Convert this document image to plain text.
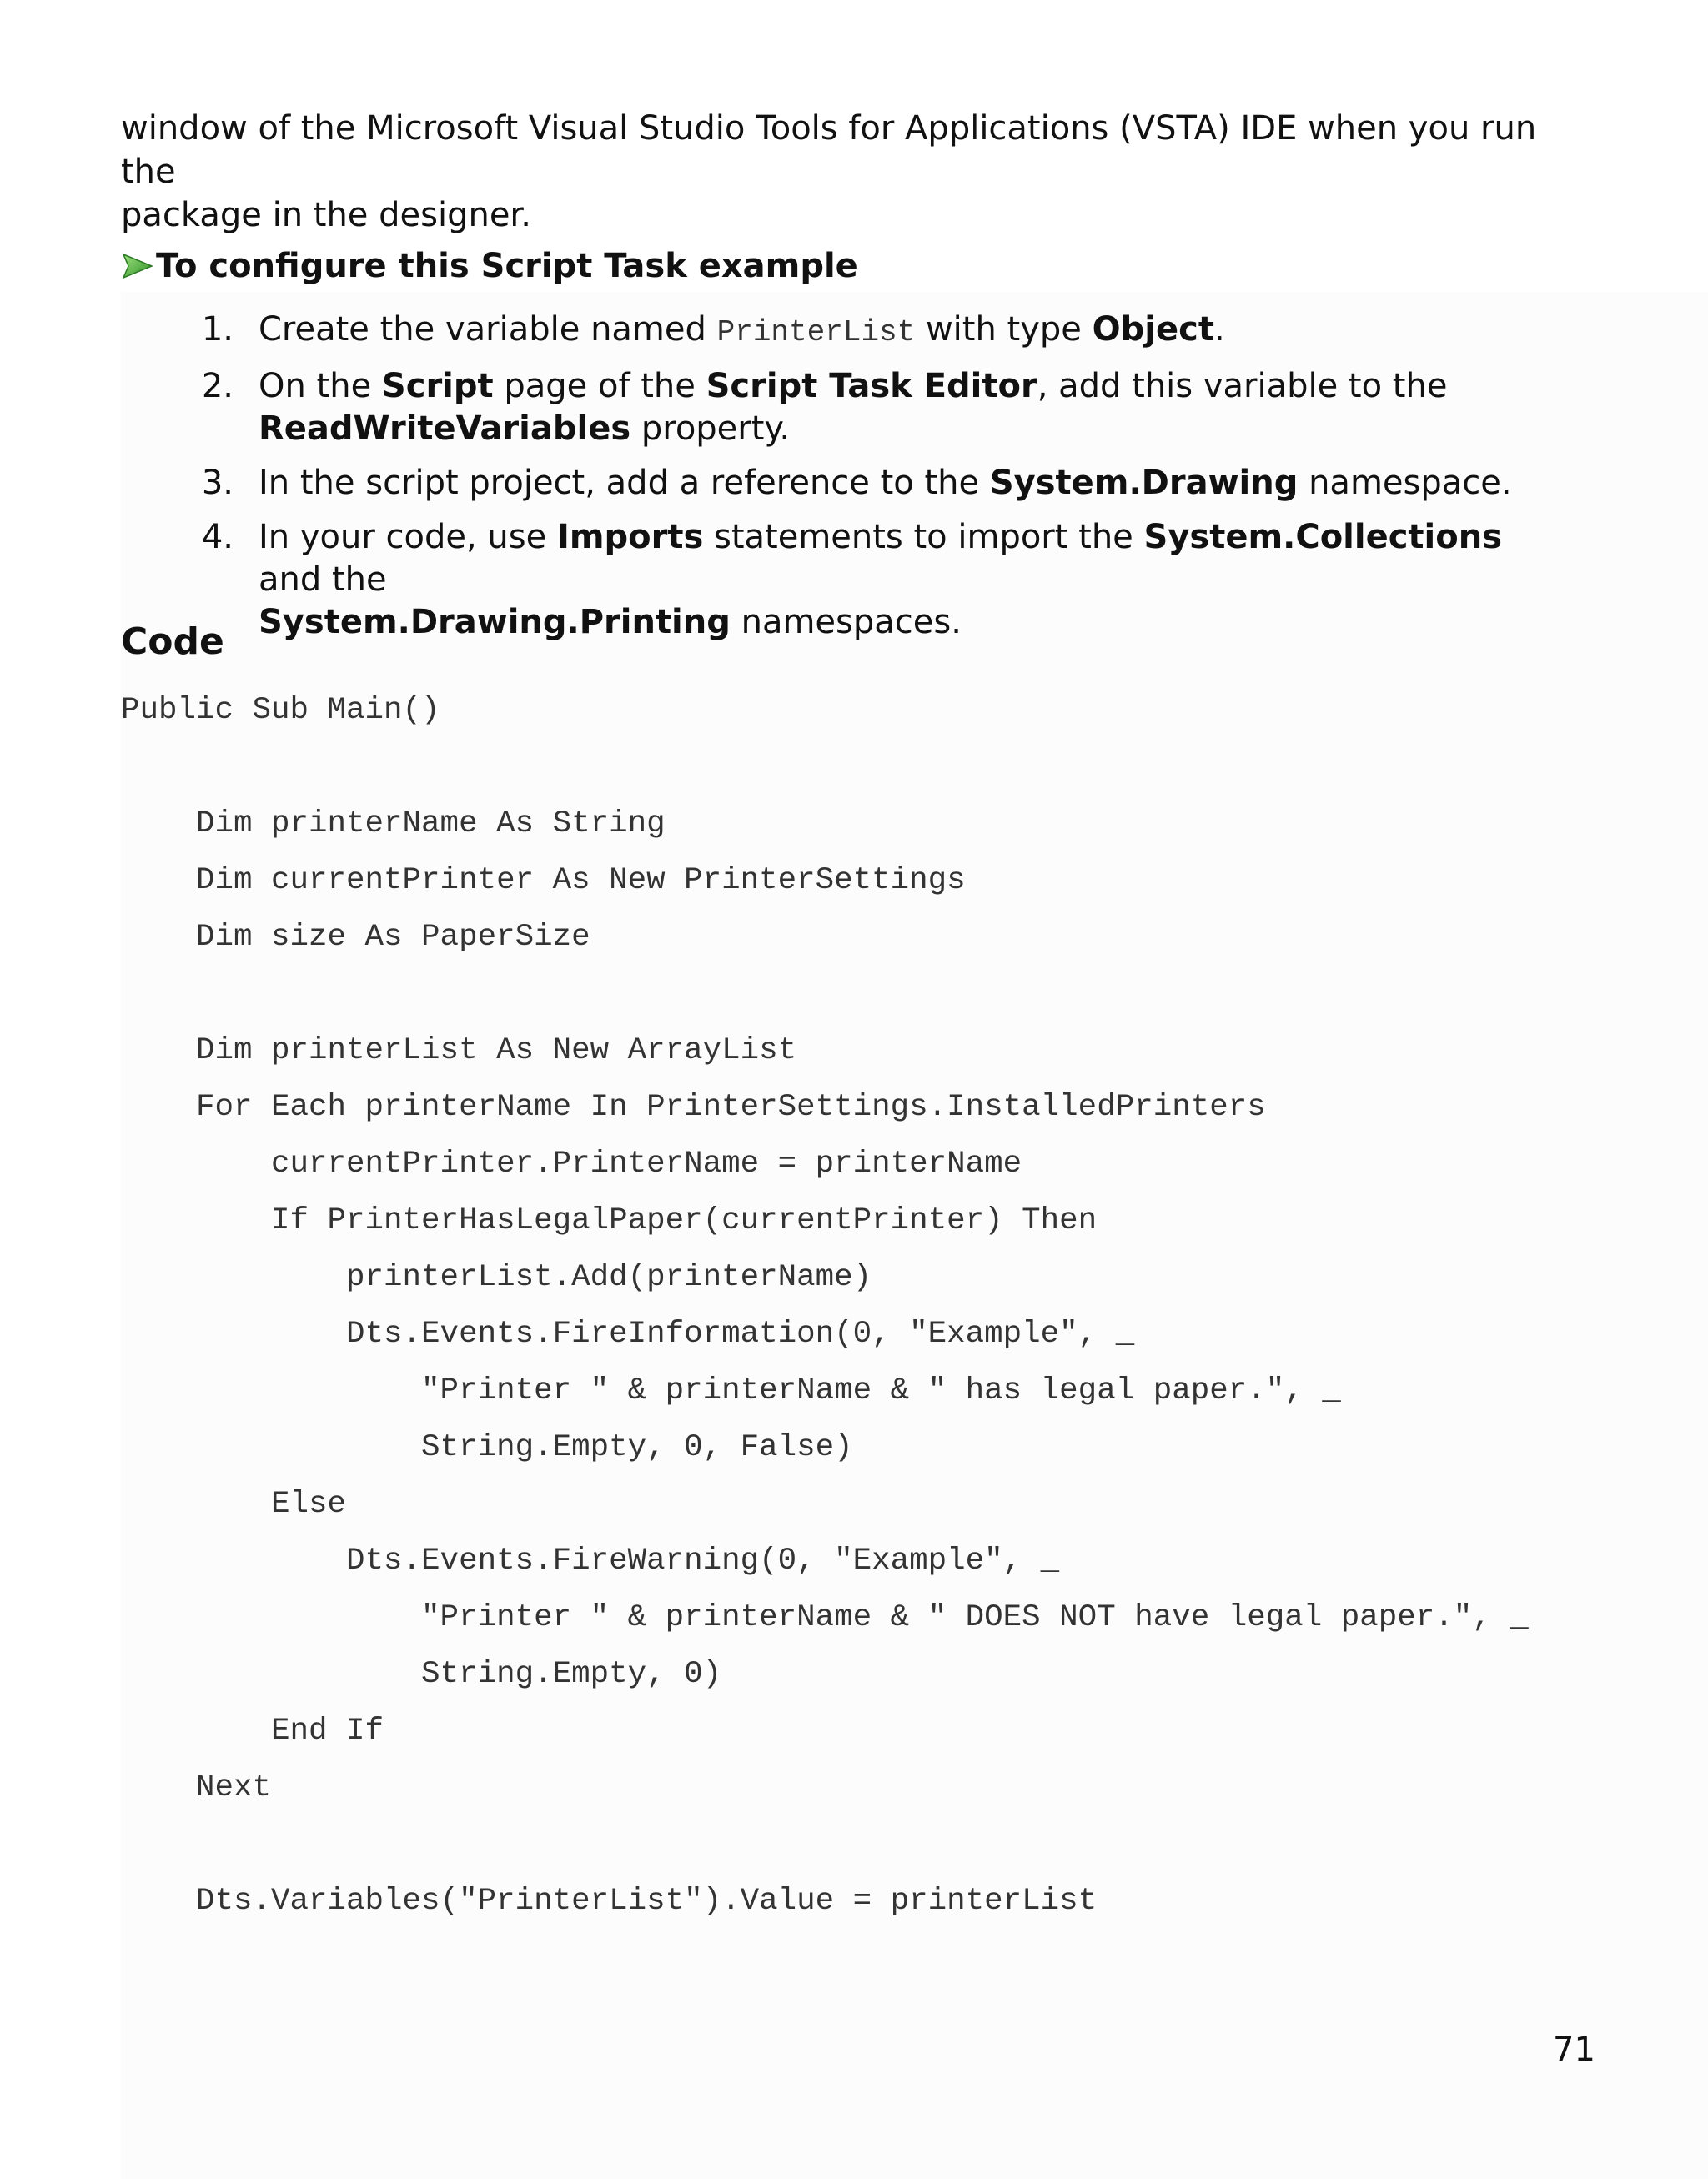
window of the Microsoft Visual Studio Tools for Applications (VSTA) IDE when you run the
package in the designer.

To configure this Script Task example
1. Create the variable named PrinterList with type Object.
2. On the Script page of the Script Task Editor, add this variable to the
ReadWriteVariables property.
3. In the script project, add a reference to the System.Drawing namespace.
4. In your code, use Imports statements to import the System.Collections and the
System.Drawing.Printing namespaces.
Code
Public Sub Main()
Dim printerName As String
Dim currentPrinter As New PrinterSettings
Dim size As PaperSize
Dim printerList As New ArrayList
For Each printerName In PrinterSettings.InstalledPrinters
currentPrinter.PrinterName = printerName
If PrinterHasLegalPaper(currentPrinter) Then
printerList.Add(printerName)
Dts.Events.FireInformation(0, "Example", _
"Printer " & printerName & " has legal paper.", _
String.Empty, 0, False)
Else
Dts.Events.FireWarning(0, "Example", _
"Printer " & printerName & " DOES NOT have legal paper.", _
String.Empty, 0)
End If
Next
Dts.Variables("PrinterList").Value = printerList

71
